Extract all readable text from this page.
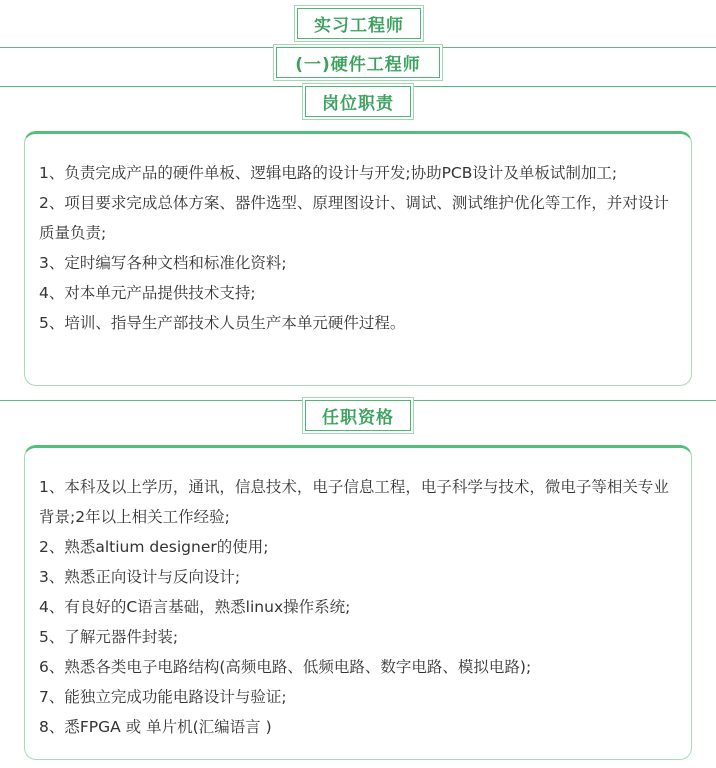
实习工程师
(一)硬件工程师
岗位职责

1、负责完成产品的硬件单板、逻辑电路的设计与开发;协助PCB设计及单板试制加工;

2、项目要求完成总体方案、器件选型、原理图设计、调试、测试维护优化等工作，并对设计质量负责;

3、定时编写各种文档和标准化资料;

4、对本单元产品提供技术支持;

5、培训、指导生产部技术人员生产本单元硬件过程。

任职资格

1、本科及以上学历，通讯，信息技术，电子信息工程，电子科学与技术，微电子等相关专业背景;2年以上相关工作经验;

2、熟悉altium designer的使用;

3、熟悉正向设计与反向设计;

4、有良好的C语言基础，熟悉linux操作系统;

5、了解元器件封装;

6、熟悉各类电子电路结构(高频电路、低频电路、数字电路、模拟电路);

7、能独立完成功能电路设计与验证;

8、悉FPGA 或 单片机(汇编语言 )
